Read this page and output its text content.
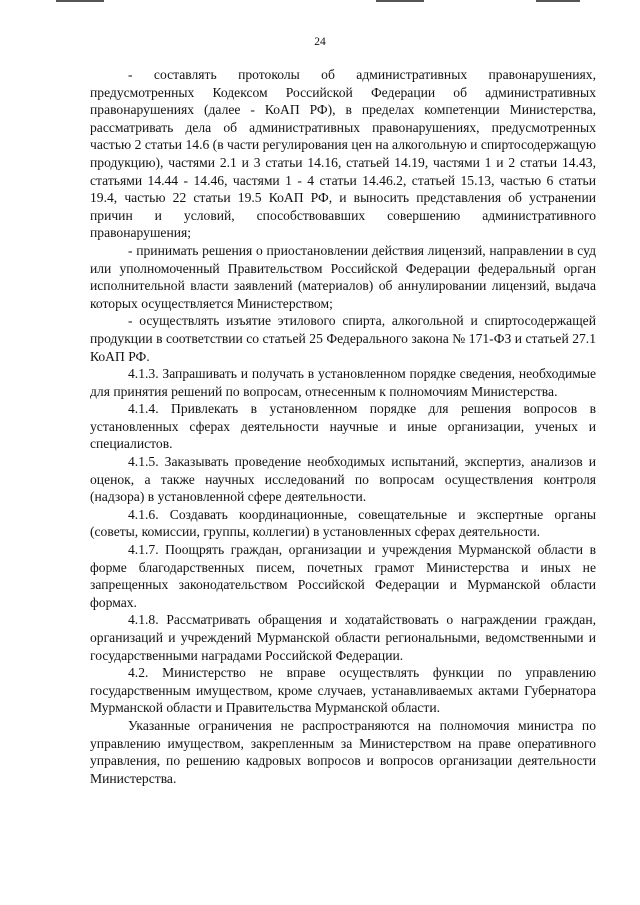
24

- составлять протоколы об административных правонарушениях, предусмотренных Кодексом Российской Федерации об административных правонарушениях (далее - КоАП РФ), в пределах компетенции Министерства, рассматривать дела об административных правонарушениях, предусмотренных частью 2 статьи 14.6 (в части регулирования цен на алкогольную и спиртосодержащую продукцию), частями 2.1 и 3 статьи 14.16, статьей 14.19, частями 1 и 2 статьи 14.43, статьями 14.44 - 14.46, частями 1 - 4 статьи 14.46.2, статьей 15.13, частью 6 статьи 19.4, частью 22 статьи 19.5 КоАП РФ, и выносить представления об устранении причин и условий, способствовавших совершению административного правонарушения;

- принимать решения о приостановлении действия лицензий, направлении в суд или уполномоченный Правительством Российской Федерации федеральный орган исполнительной власти заявлений (материалов) об аннулировании лицензий, выдача которых осуществляется Министерством;

- осуществлять изъятие этилового спирта, алкогольной и спиртосодержащей продукции в соответствии со статьей 25 Федерального закона № 171-ФЗ и статьей 27.1 КоАП РФ.

4.1.3. Запрашивать и получать в установленном порядке сведения, необходимые для принятия решений по вопросам, отнесенным к полномочиям Министерства.

4.1.4. Привлекать в установленном порядке для решения вопросов в установленных сферах деятельности научные и иные организации, ученых и специалистов.

4.1.5. Заказывать проведение необходимых испытаний, экспертиз, анализов и оценок, а также научных исследований по вопросам осуществления контроля (надзора) в установленной сфере деятельности.

4.1.6. Создавать координационные, совещательные и экспертные органы (советы, комиссии, группы, коллегии) в установленных сферах деятельности.

4.1.7. Поощрять граждан, организации и учреждения Мурманской области в форме благодарственных писем, почетных грамот Министерства и иных не запрещенных законодательством Российской Федерации и Мурманской области формах.

4.1.8. Рассматривать обращения и ходатайствовать о награждении граждан, организаций и учреждений Мурманской области региональными, ведомственными и государственными наградами Российской Федерации.

4.2. Министерство не вправе осуществлять функции по управлению государственным имуществом, кроме случаев, устанавливаемых актами Губернатора Мурманской области и Правительства Мурманской области.

Указанные ограничения не распространяются на полномочия министра по управлению имуществом, закрепленным за Министерством на праве оперативного управления, по решению кадровых вопросов и вопросов организации деятельности Министерства.
